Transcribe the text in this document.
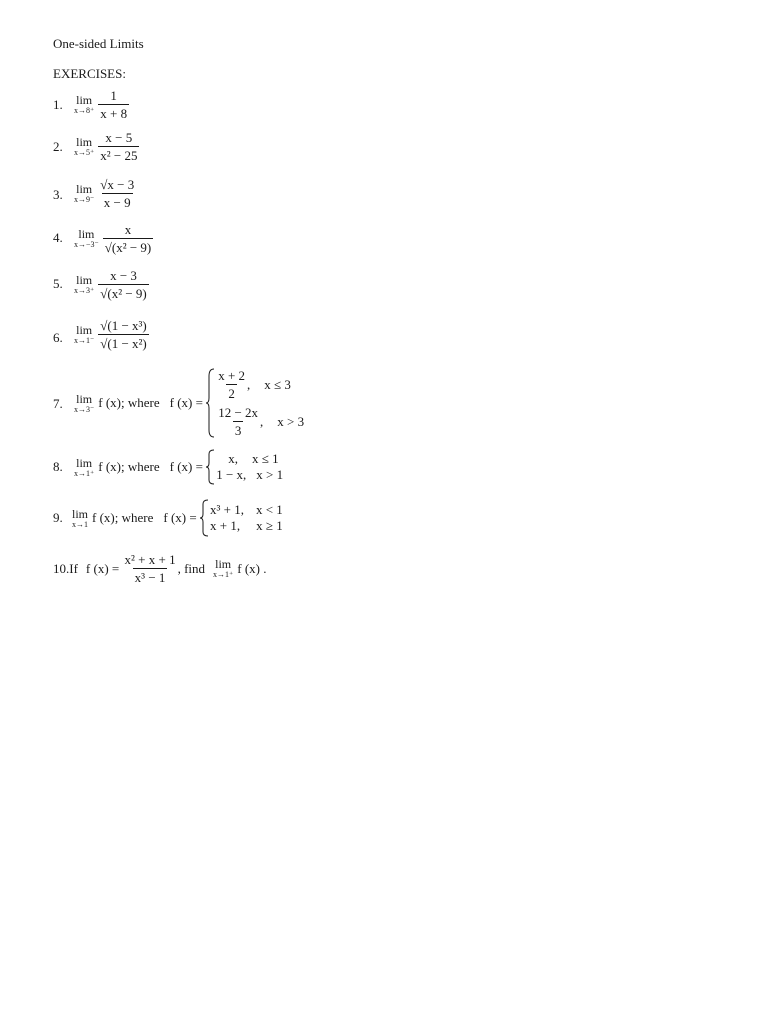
One-sided Limits
EXERCISES:
1. lim
$x\to 8^+ \frac{1}{x + 8}$
2. lim
$x\to 5^+ \frac{x - 5}{\text{x² − 25}}$
3. lim
$x\to 9^- \frac{√x - 3}{x - 9}$
4. lim
$x\to-3^- \frac{x}{\text{√(x² − 9)}}$
5. lim
$x\to 3^+ \frac{x - 3}{\text{√(x² − 9)}}$
6. lim
$x\to 1^- \frac{\text{√(1 − x³)}}{\text{√(1 − x²)}}$
7. lim
x→3⁻ f (x) ; where f (x) =
$\frac{x + 2}{2}$ , x ≤ 3
$\frac{12 - 2x}{3}$ , x > 3
8. lim
x→1⁺ f (x) ; where f (x) =
x, x ≤ 1
1 − x, x > 1
9. lim
x→1 f (x) ; where f (x) =
x³ + 1, x < 1
x + 1, x ≥ 1
10. If f $(x) = \frac{\text{x² + x + 1}}{\text{x³ − 1}}$ , find lim
x→1⁺ f (x) .
